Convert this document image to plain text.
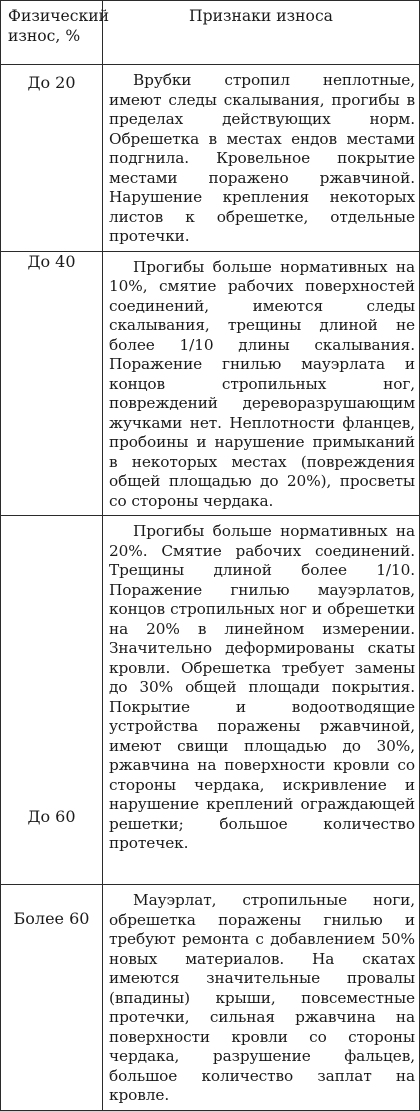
Физический износ, %	Признаки износа
До 20	Врубки стропил неплотные, имеют следы скалывания, прогибы в пределах действующих норм. Обрешетка в местах ендов местами подгнила. Кровельное покрытие местами поражено ржавчиной. Нарушение крепления некоторых листов к обрешетке, отдельные протечки.

До 40	Прогибы больше нормативных на 10%, смятие рабочих поверхностей соединений, имеются следы скалывания, трещины длиной не более 1/10 длины скалывания. Поражение гнилью мауэрлата и концов стропильных ног, повреждений дереворазрушающим жучками нет. Неплотности фланцев, пробоины и нарушение примыканий в некоторых местах (повреждения общей площадью до 20%), просветы со стороны чердака.

До 60	Прогибы больше нормативных на 20%. Смятие рабочих соединений. Трещины длиной более 1/10. Поражение гнилью мауэрлатов, концов стропильных ног и обрешетки на 20% в линейном измерении. Значительно деформированы скаты кровли. Обрешетка требует замены до 30% общей площади покрытия. Покрытие и водоотводящие устройства поражены ржавчиной, имеют свищи площадью до 30%, ржавчина на поверхности кровли со стороны чердака, искривление и нарушение креплений ограждающей решетки; большое количество протечек.

Более 60	Мауэрлат, стропильные ноги, обрешетка поражены гнилью и требуют ремонта с добавлением 50% новых материалов. На скатах имеются значительные провалы (впадины) крыши, повсеместные протечки, сильная ржавчина на поверхности кровли со стороны чердака, разрушение фальцев, большое количество заплат на кровле.
